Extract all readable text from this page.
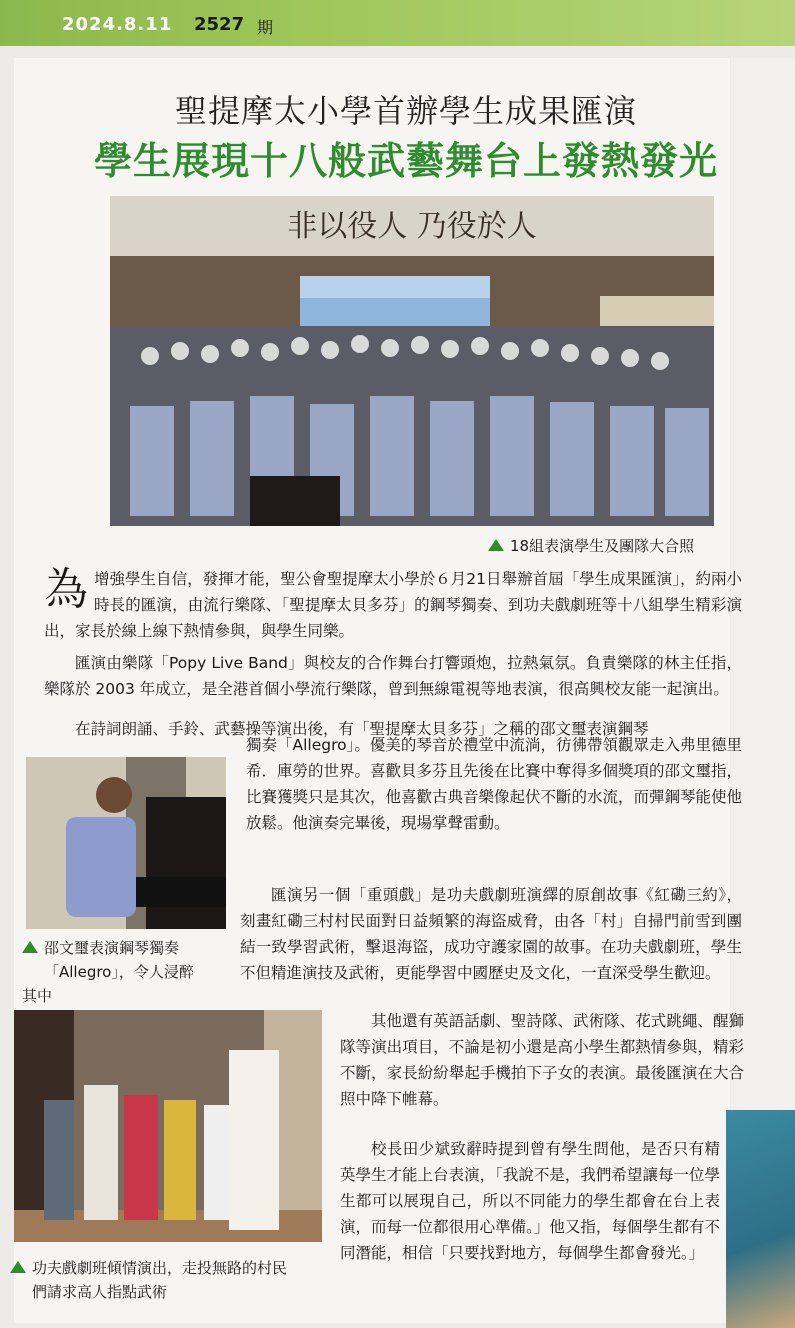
2024.8.11 2527 期
聖提摩太小學首辦學生成果匯演
學生展現十八般武藝舞台上發熱發光
非以役人 乃役於人
18組表演學生及團隊大合照
為增強學生自信，發揮才能，聖公會聖提摩太小學於６月21日舉辦首屆「學生成果匯演」，約兩小時長的匯演，由流行樂隊、「聖提摩太貝多芬」的鋼琴獨奏、到功夫戲劇班等十八組學生精彩演出，家長於線上線下熱情參與，與學生同樂。
匯演由樂隊「Popy Live Band」與校友的合作舞台打響頭炮，拉熱氣氛。負責樂隊的林主任指，樂隊於 2003 年成立，是全港首個小學流行樂隊，曾到無線電視等地表演，很高興校友能一起演出。
在詩詞朗誦、手鈴、武藝操等演出後，有「聖提摩太貝多芬」之稱的邵文璽表演鋼琴
邵文璽表演鋼琴獨奏
「Allegro」，令人浸醉
其中
獨奏「Allegro」。優美的琴音於禮堂中流淌，彷彿帶領觀眾走入弗里德里希．庫勞的世界。喜歡貝多芬且先後在比賽中奪得多個獎項的邵文璽指，比賽獲獎只是其次，他喜歡古典音樂像起伏不斷的水流，而彈鋼琴能使他放鬆。他演奏完畢後，現場掌聲雷動。
匯演另一個「重頭戲」是功夫戲劇班演繹的原創故事《紅磡三約》，刻畫紅磡三村村民面對日益頻繁的海盜威脅，由各「村」自掃門前雪到團結一致學習武術，擊退海盜，成功守護家園的故事。在功夫戲劇班，學生不但精進演技及武術，更能學習中國歷史及文化，一直深受學生歡迎。
功夫戲劇班傾情演出，走投無路的村民
們請求高人指點武術
其他還有英語話劇、聖詩隊、武術隊、花式跳繩、醒獅隊等演出項目，不論是初小還是高小學生都熱情參與，精彩不斷，家長紛紛舉起手機拍下子女的表演。最後匯演在大合照中降下帷幕。
校長田少斌致辭時提到曾有學生問他，是否只有精英學生才能上台表演，「我說不是，我們希望讓每一位學生都可以展現自己，所以不同能力的學生都會在台上表演，而每一位都很用心準備。」他又指，每個學生都有不同潛能，相信「只要找對地方，每個學生都會發光。」
